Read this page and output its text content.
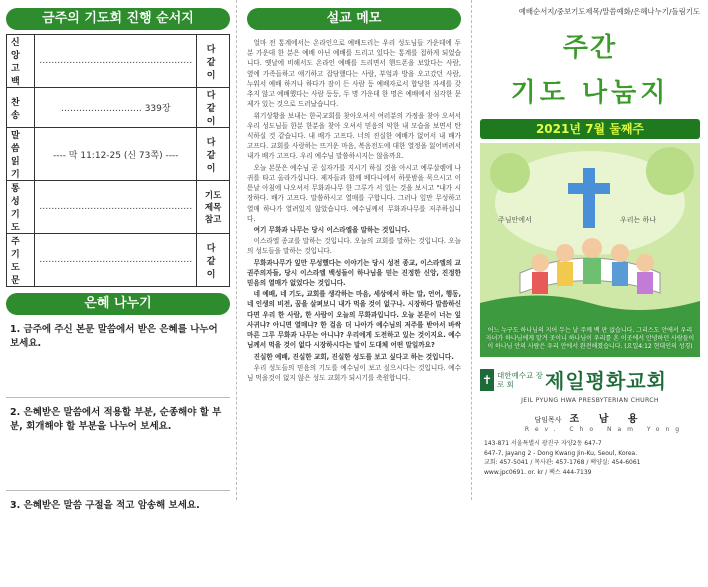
금주의 기도회 진행 순서지
신 앙 고 백	……………………………………………	다 같 이
찬 송	……………………… 339장	다 같 이
말 씀 읽 기	---- 막 11:12-25 (신 73쪽) ----	다 같 이
통 성 기 도	……………………………………………	기도제목참고
주 기 도 문	……………………………………………	다 같 이
은혜 나누기
1. 금주에 주신 본문 말씀에서 받은 은혜를 나누어 보세요.
2. 은혜받은 말씀에서 적용할 부분, 순종해야 할 부분, 회개해야 할 부분을 나누어 보세요.
3. 은혜받은 말씀 구절을 적고 암송해 보세요.
설교 메모

얼마 전 통계에서는 온라인으로 예배드리는 우리 성도님들 가운데에 두 분 가운데 한 분은 예배 아닌 예배를 드리고 있다는 통계를 접하게 되었습니다. 옛날에 비해서도 온라인 예배를 드리면서 핸드폰을 보았다는 사람, 옆에 가족들하고 얘기하고 잡담했다는 사람, 부엌과 방을 오고갔던 사람, 누워서 예배 하거나 하다가 잠이 든 사람 등 예배자로서 합당한 자세를 갖추지 않고 예배했다는 사람 등등, 두 명 가운데 한 명은 예배에서 심각한 문제가 있는 것으로 드러났습니다.

위기상황을 보내는 한국교회를 찾아오셔서 여러분의 가정을 찾아 오셔서 우리 성도님들 한분 한분을 찾아 오셔서 믿음의 악한 내 모습을 보면서 탄식하실 것 같습니다. 내 배가 고프다. 너의 진실한 예배가 없어서 내 배가 고프다. 교회를 사랑하는 뜨거운 마음, 복음전도에 대한 열정을 잃어버려서 내가 배가 고프다. 우리 예수님 말씀하시지는 않을까요.

오늘 본문은 예수님 곧 십자가를 지시기 하실 것을 아시고 예루살렘에 나귀를 타고 올라가십니다. 제자들과 함께 베다니에서 하룻밤을 묵으시고 이튿날 아침에 나오셔서 무화과나무 한 그루가 서 있는 것을 보시고 "내가 시장하다. 배가 고프다. 말씀하시고 열매를 구합니다. 그러나 잎만 무성하고 열매 하나가 열려있지 않았습니다. 예수님께서 무화과나무를 저주하십니다.

여기 무화과 나무는 당시 이스라엘을 말하는 것입니다.

이스라엘 종교를 말하는 것입니다. 오늘의 교회를 말하는 것입니다. 오늘의 성도들을 말하는 것입니다.

무화과나무가 잎만 무성했다는 이야기는 당시 성전 종교, 이스라엘의 교권주의자들, 당시 이스라엘 백성들이 하나님을 믿는 진정한 신앙, 진정한 믿음의 열매가 없었다는 것입니다.

네 예배, 네 기도, 교회를 생각하는 마음, 세상에서 하는 말, 언어, 행동, 네 인생의 비전, 꿈을 살펴보니 내가 먹을 것이 없구나. 시장하다 말씀하신다면 우리 한 사람, 한 사람이 오늘의 무화과입니다. 오늘 본문이 너는 잎사귀냐? 아니면 열매냐? 한 걸음 더 나아가 예수님의 저주를 받아서 바싹마른 그루 무화과 나무는 아니냐? 우리에게 도전하고 있는 것이지요. 예수님께서 먹을 것이 없다 시장하시다는 말이 도대체 어떤 말일까요?

진실한 예배, 진실한 교회, 진실한 성도를 보고 싶다고 하는 것입니다.

우리 성도들의 믿음의 기도를 예수님이 보고 싶으시다는 것입니다. 예수님 먹을것이 없지 않은 성도 교회가 되시기를 축원합니다.

예배순서지/중보기도제목/말씀예화/은혜나누기/돌림기도
주간
기도 나눔지
2021년 7월 둘째주
주님안에서	우리는 하나
어느 누구도 하나님의 지어 두는 날 주께 백 판 없습니다. 그리스도 안에서 우리 자녀가 하나님에게 맡겨 곳이니 하나님이 우리를 흔 이곳에서 안녕하던 사람들이 이 하나님 안의 사람은 우리 안에서 완전해졌습니다. (요일4:12 현대인의 성경)
✝ 대한예수교 장 로 회	제일평화교회
JEIL PYUNG HWA PRESBYTERIAN CHURCH
담임목사 조 남 용
Rev. Cho Nam Yong
143-871 서울특별시 광진구 자양2동 647-7
647-7, Jayang 2 - Dong Kwang Jin-Ku, Seoul, Korea.
교회: 457-5041 / 목사관: 457-1768 / 팩양실: 454-6061
www.jpc0691. or. kr / 팩스 444-7139
